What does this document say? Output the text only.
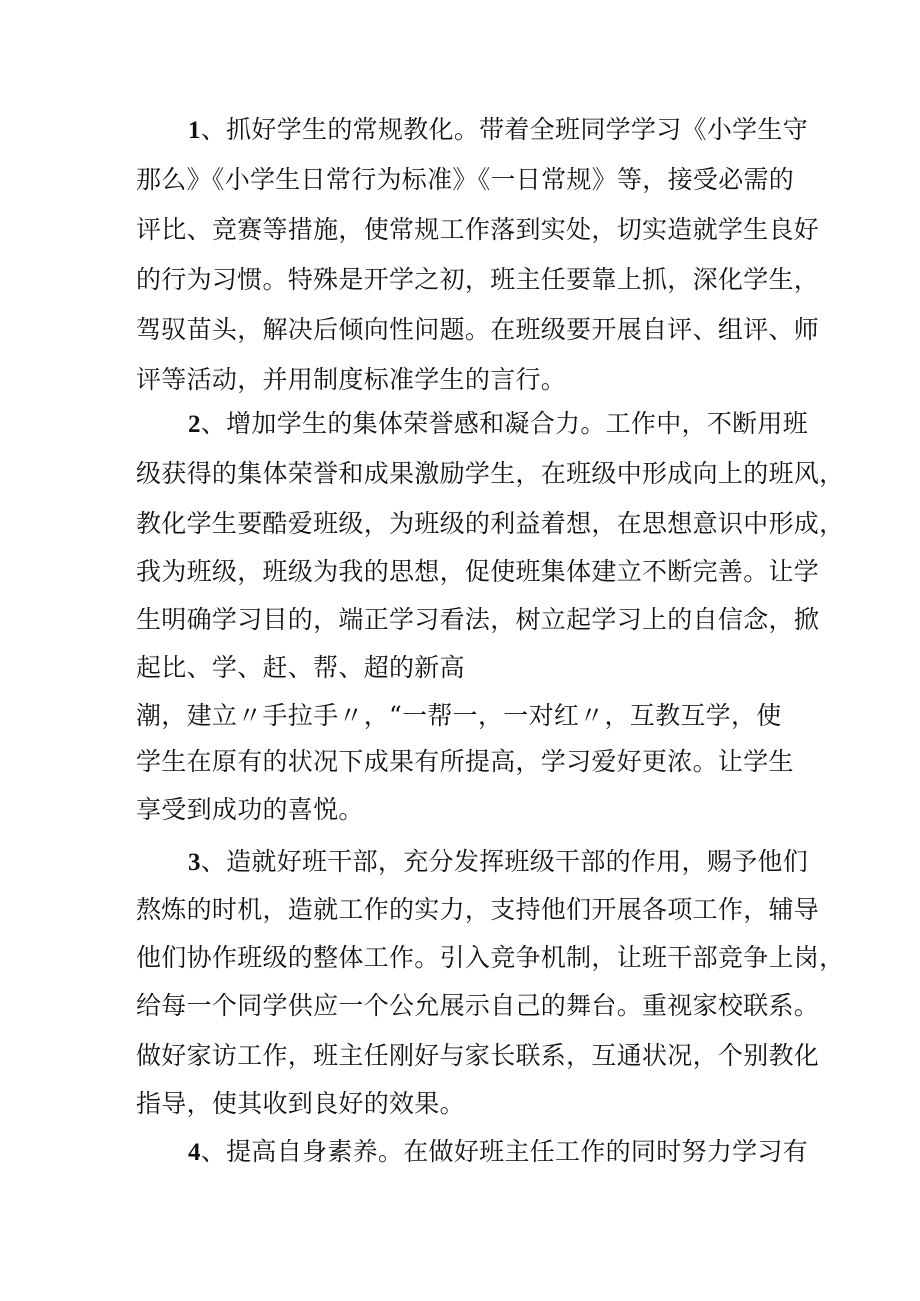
1、抓好学生的常规教化。带着全班同学学习《小学生守
那么》《小学生日常行为标准》《一日常规》等，接受必需的
评比、竞赛等措施，使常规工作落到实处，切实造就学生良好
的行为习惯。特殊是开学之初，班主任要靠上抓，深化学生，
驾驭苗头，解决后倾向性问题。在班级要开展自评、组评、师
评等活动，并用制度标准学生的言行。
2、增加学生的集体荣誉感和凝合力。工作中，不断用班
级获得的集体荣誉和成果激励学生，在班级中形成向上的班风，
教化学生要酷爱班级，为班级的利益着想，在思想意识中形成，
我为班级，班级为我的思想，促使班集体建立不断完善。让学
生明确学习目的，端正学习看法，树立起学习上的自信念，掀
起比、学、赶、帮、超的新高
潮，建立〃手拉手〃，“一帮一，一对红〃，互教互学，使
学生在原有的状况下成果有所提高，学习爱好更浓。让学生
享受到成功的喜悦。
3、造就好班干部，充分发挥班级干部的作用，赐予他们
熬炼的时机，造就工作的实力，支持他们开展各项工作，辅导
他们协作班级的整体工作。引入竞争机制，让班干部竞争上岗，
给每一个同学供应一个公允展示自己的舞台。重视家校联系。
做好家访工作，班主任刚好与家长联系，互通状况，个别教化
指导，使其收到良好的效果。
4、提高自身素养。在做好班主任工作的同时努力学习有
